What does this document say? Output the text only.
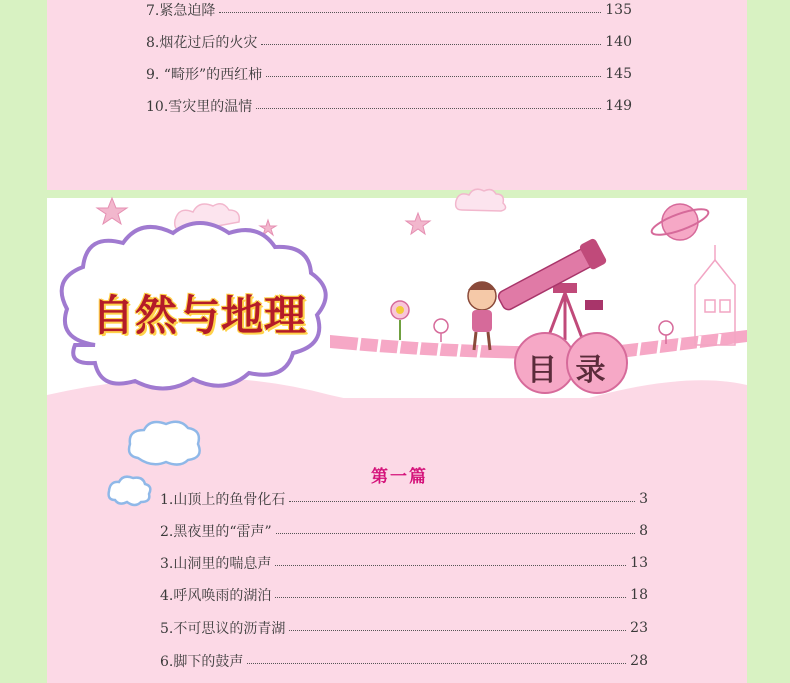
7.紧急迫降	135
8.烟花过后的火灾	140
9. “畸形”的西红柿	145
10.雪灾里的温情	149
自然与地理
目 录
第一篇
1.山顶上的鱼骨化石	3
2.黑夜里的“雷声”	8
3.山洞里的喘息声	13
4.呼风唤雨的湖泊	18
5.不可思议的沥青湖	23
6.脚下的鼓声	28
